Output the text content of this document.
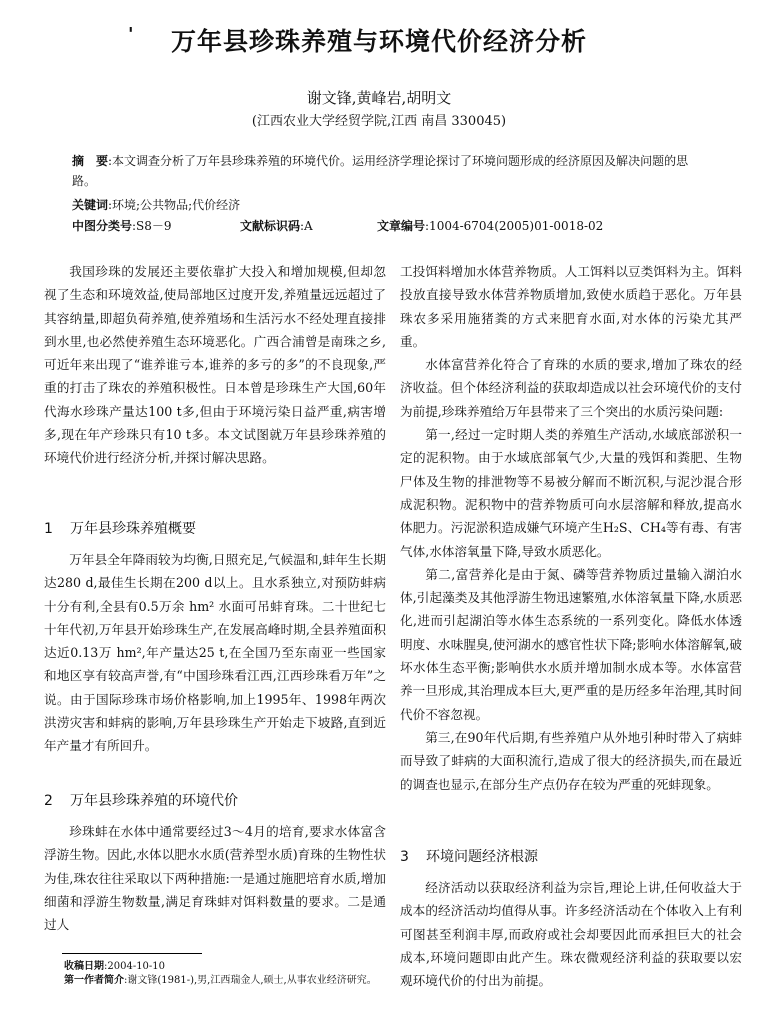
'	万年县珍珠养殖与环境代价经济分析
谢文锋,黄峰岩,胡明文
(江西农业大学经贸学院,江西 南昌 330045)
摘　要:本文调查分析了万年县珍珠养殖的环境代价。运用经济学理论探讨了环境问题形成的经济原因及解决问题的思路。
关键词:环境;公共物品;代价经济
中图分类号:S8－9	文献标识码:A	文章编号:1004-6704(2005)01-0018-02

我国珍珠的发展还主要依靠扩大投入和增加规模,但却忽视了生态和环境效益,使局部地区过度开发,养殖量远远超过了其容纳量,即超负荷养殖,使养殖场和生活污水不经处理直接排到水里,也必然使养殖生态环境恶化。广西合浦曾是南珠之乡,可近年来出现了“谁养谁亏本,谁养的多亏的多”的不良现象,严重的打击了珠农的养殖积极性。日本曾是珍珠生产大国,60年代海水珍珠产量达100 t多,但由于环境污染日益严重,病害增多,现在年产珍珠只有10 t多。本文试图就万年县珍珠养殖的环境代价进行经济分析,并探讨解决思路。

1 万年县珍珠养殖概要

万年县全年降雨较为均衡,日照充足,气候温和,蚌年生长期达280 d,最佳生长期在200 d以上。且水系独立,对预防蚌病十分有利,全县有0.5万余 hm² 水面可吊蚌育珠。二十世纪七十年代初,万年县开始珍珠生产,在发展高峰时期,全县养殖面积达近0.13万 hm²,年产量达25 t,在全国乃至东南亚一些国家和地区享有较高声誉,有“中国珍珠看江西,江西珍珠看万年”之说。由于国际珍珠市场价格影响,加上1995年、1998年两次洪涝灾害和蚌病的影响,万年县珍珠生产开始走下坡路,直到近年产量才有所回升。

2 万年县珍珠养殖的环境代价

珍珠蚌在水体中通常要经过3～4月的培育,要求水体富含浮游生物。因此,水体以肥水水质(营养型水质)育珠的生物性状为佳,珠农往往采取以下两种措施:一是通过施肥培育水质,增加细菌和浮游生物数量,满足育珠蚌对饵料数量的要求。二是通过人

工投饵料增加水体营养物质。人工饵料以豆类饵料为主。饵料投放直接导致水体营养物质增加,致使水质趋于恶化。万年县珠农多采用施猪粪的方式来肥育水面,对水体的污染尤其严重。

水体富营养化符合了育珠的水质的要求,增加了珠农的经济收益。但个体经济利益的获取却造成以社会环境代价的支付为前提,珍珠养殖给万年县带来了三个突出的水质污染问题:

第一,经过一定时期人类的养殖生产活动,水域底部淤积一定的泥积物。由于水域底部氧气少,大量的残饵和粪肥、生物尸体及生物的排泄物等不易被分解而不断沉积,与泥沙混合形成泥积物。泥积物中的营养物质可向水层溶解和释放,提高水体肥力。污泥淤积造成嫌气环境产生H₂S、CH₄等有毒、有害气体,水体溶氧量下降,导致水质恶化。

第二,富营养化是由于氮、磷等营养物质过量输入湖泊水体,引起藻类及其他浮游生物迅速繁殖,水体溶氧量下降,水质恶化,进而引起湖泊等水体生态系统的一系列变化。降低水体透明度、水味腥臭,使河湖水的感官性状下降;影响水体溶解氧,破坏水体生态平衡;影响供水水质并增加制水成本等。水体富营养一旦形成,其治理成本巨大,更严重的是历经多年治理,其时间代价不容忽视。

第三,在90年代后期,有些养殖户从外地引种时带入了病蚌而导致了蚌病的大面积流行,造成了很大的经济损失,而在最近的调查也显示,在部分生产点仍存在较为严重的死蚌现象。

3 环境问题经济根源

经济活动以获取经济利益为宗旨,理论上讲,任何收益大于成本的经济活动均值得从事。许多经济活动在个体收入上有利可图甚至利润丰厚,而政府或社会却要因此而承担巨大的社会成本,环境问题即由此产生。珠农微观经济利益的获取要以宏观环境代价的付出为前提。

收稿日期:2004-10-10
第一作者简介:谢文锋(1981-),男,江西瑞金人,硕士,从事农业经济研究。
